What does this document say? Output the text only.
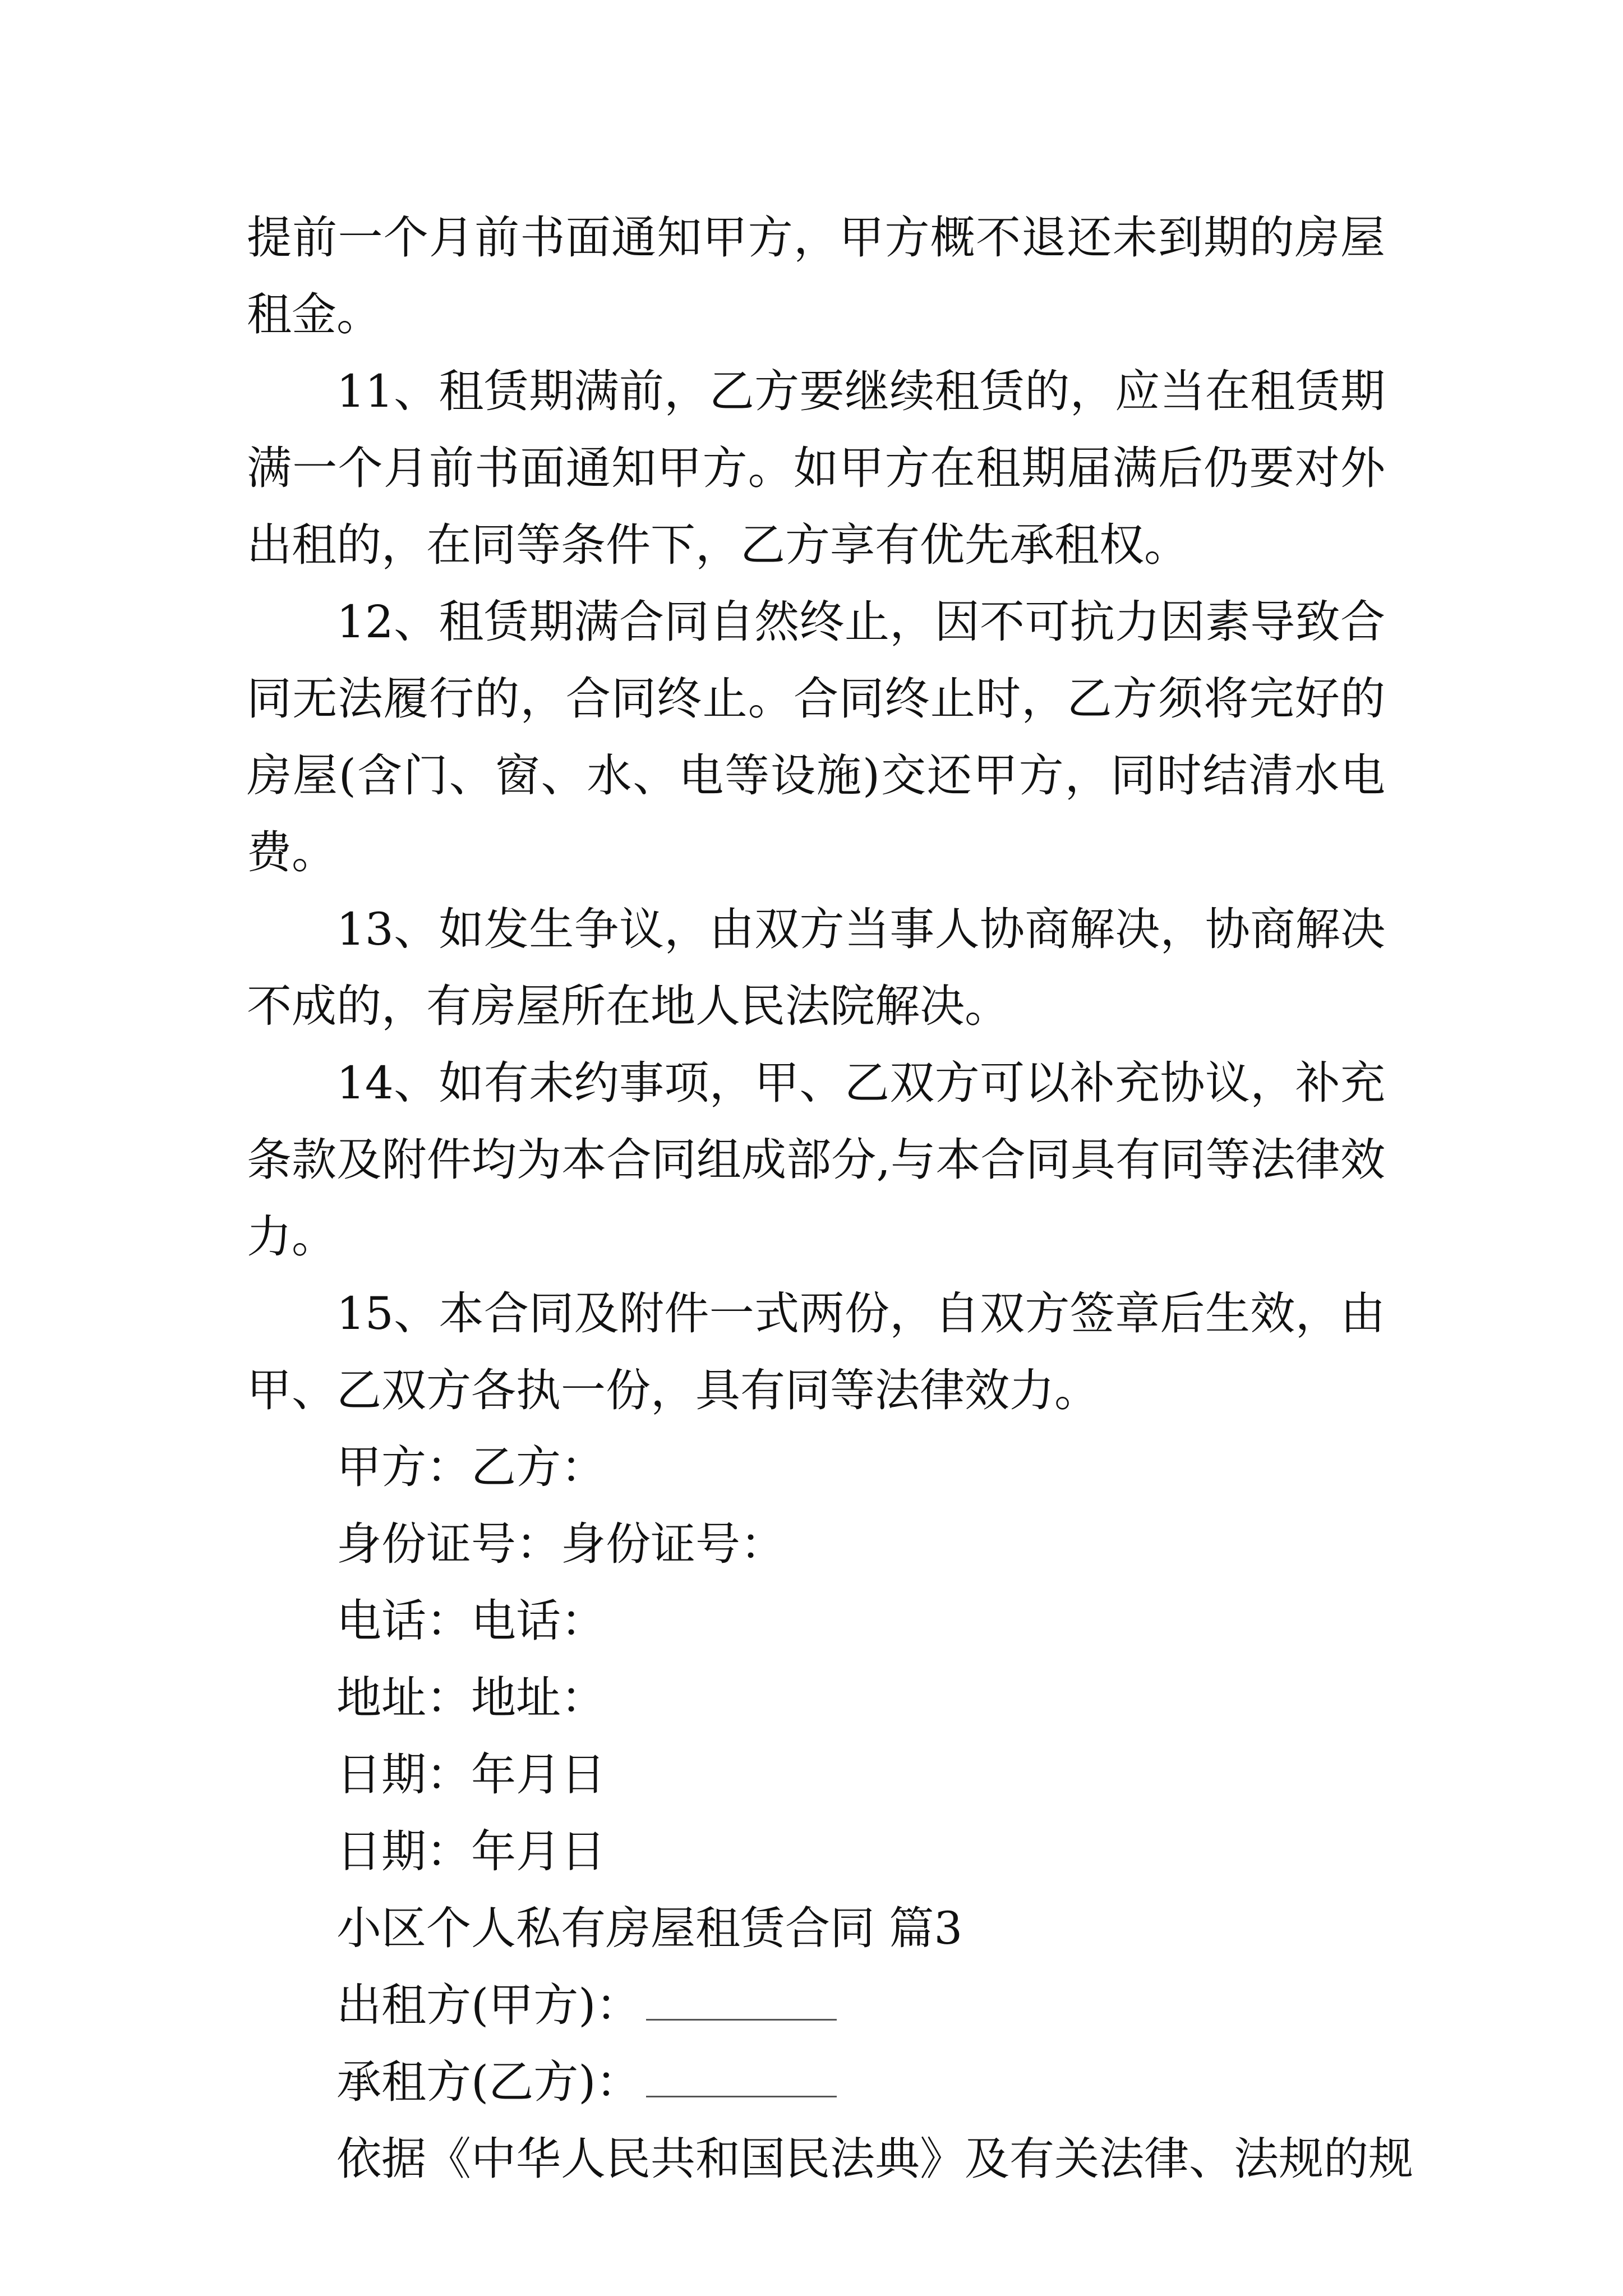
提前一个月前书面通知甲方，甲方概不退还未到期的房屋租金。

11、租赁期满前，乙方要继续租赁的，应当在租赁期满一个月前书面通知甲方。如甲方在租期届满后仍要对外出租的，在同等条件下，乙方享有优先承租权。

12、租赁期满合同自然终止，因不可抗力因素导致合同无法履行的，合同终止。合同终止时，乙方须将完好的房屋(含门、窗、水、电等设施)交还甲方，同时结清水电费。

13、如发生争议，由双方当事人协商解决，协商解决不成的，有房屋所在地人民法院解决。

14、如有未约事项，甲、乙双方可以补充协议，补充条款及附件均为本合同组成部分,与本合同具有同等法律效力。

15、本合同及附件一式两份，自双方签章后生效，由甲、乙双方各执一份，具有同等法律效力。

甲方：乙方：

身份证号：身份证号：

电话：电话：

地址：地址：

日期：年月日

日期：年月日

小区个人私有房屋租赁合同 篇3

出租方(甲方)：

承租方(乙方)：

依据《中华人民共和国民法典》及有关法律、法规的规
